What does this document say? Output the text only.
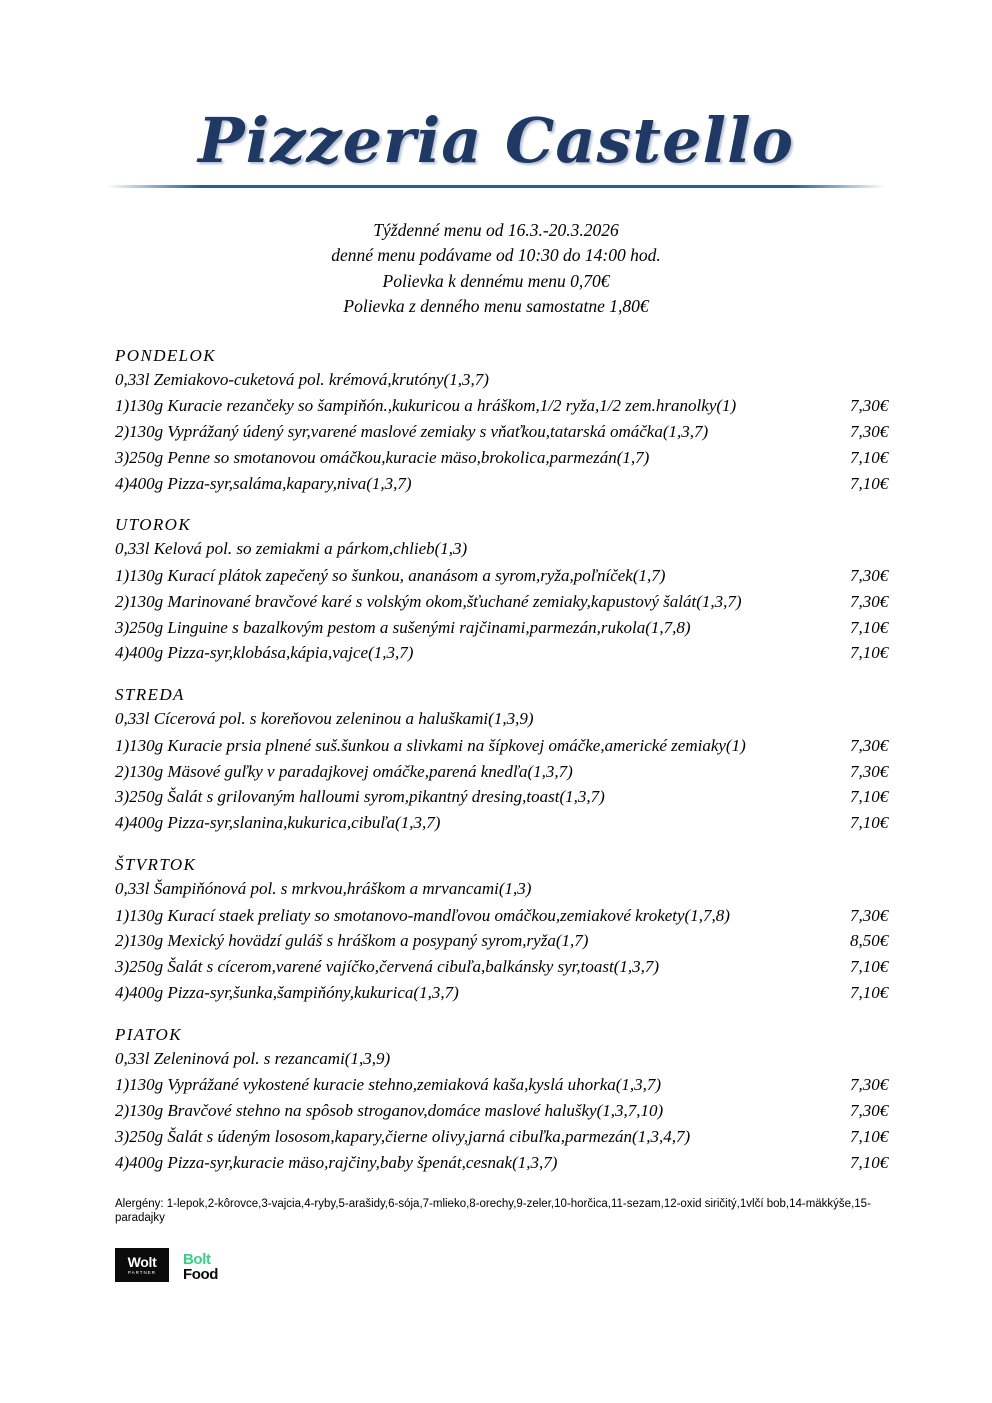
Pizzeria Castello
Týždenné menu od 16.3.-20.3.2026
denné menu podávame od 10:30 do 14:00 hod.
Polievka k dennému menu 0,70€
Polievka z denného menu samostatne 1,80€
PONDELOK
0,33l Zemiakovo-cuketová pol. krémová,krutóny(1,3,7)
1)130g Kuracie rezančeky so šampiňón.,kukuricou a hráškom,1/2 ryža,1/2 zem.hranolky(1)	7,30€
2)130g Vyprážaný údený syr,varené maslové zemiaky s vňaťkou,tatarská omáčka(1,3,7)	7,30€
3)250g Penne so smotanovou omáčkou,kuracie mäso,brokolica,parmezán(1,7)	7,10€
4)400g Pizza-syr,saláma,kapary,niva(1,3,7)	7,10€
UTOROK
0,33l Kelová pol. so zemiakmi a párkom,chlieb(1,3)
1)130g Kurací plátok zapečený so šunkou, ananásom a syrom,ryža,poľníček(1,7)	7,30€
2)130g Marinované bravčové karé s volským okom,šťuchané zemiaky,kapustový šalát(1,3,7)	7,30€
3)250g Linguine s bazalkovým pestom a sušenými rajčinami,parmezán,rukola(1,7,8)	7,10€
4)400g Pizza-syr,klobása,kápia,vajce(1,3,7)	7,10€
STREDA
0,33l Cícerová pol. s koreňovou zeleninou a haluškami(1,3,9)
1)130g Kuracie prsia plnené suš.šunkou a slivkami na šípkovej omáčke,americké zemiaky(1)	7,30€
2)130g Mäsové guľky v paradajkovej omáčke,parená knedľa(1,3,7)	7,30€
3)250g Šalát s grilovaným halloumi syrom,pikantný dresing,toast(1,3,7)	7,10€
4)400g Pizza-syr,slanina,kukurica,cibuľa(1,3,7)	7,10€
ŠTVRTOK
0,33l Šampiňónová pol. s mrkvou,hráškom a mrvancami(1,3)
1)130g Kurací staek preliaty so smotanovo-mandľovou omáčkou,zemiakové krokety(1,7,8)	7,30€
2)130g Mexický hovädzí guláš s hráškom a posypaný syrom,ryža(1,7)	8,50€
3)250g Šalát s cícerom,varené vajíčko,červená cibuľa,balkánsky syr,toast(1,3,7)	7,10€
4)400g Pizza-syr,šunka,šampiňóny,kukurica(1,3,7)	7,10€
PIATOK
0,33l Zeleninová pol. s rezancami(1,3,9)
1)130g Vyprážané vykostené kuracie stehno,zemiaková kaša,kyslá uhorka(1,3,7)	7,30€
2)130g Bravčové stehno na spôsob stroganov,domáce maslové halušky(1,3,7,10)	7,30€
3)250g Šalát s údeným lososom,kapary,čierne olivy,jarná cibuľka,parmezán(1,3,4,7)	7,10€
4)400g Pizza-syr,kuracie mäso,rajčiny,baby špenát,cesnak(1,3,7)	7,10€
Alergény: 1-lepok,2-kôrovce,3-vajcia,4-ryby,5-arašidy,6-sója,7-mlieko,8-orechy,9-zeler,10-horčica,11-sezam,12-oxid siričitý,1vlčí bob,14-mäkkýše,15-paradajky
Wolt
PARTNER
Bolt
Food
